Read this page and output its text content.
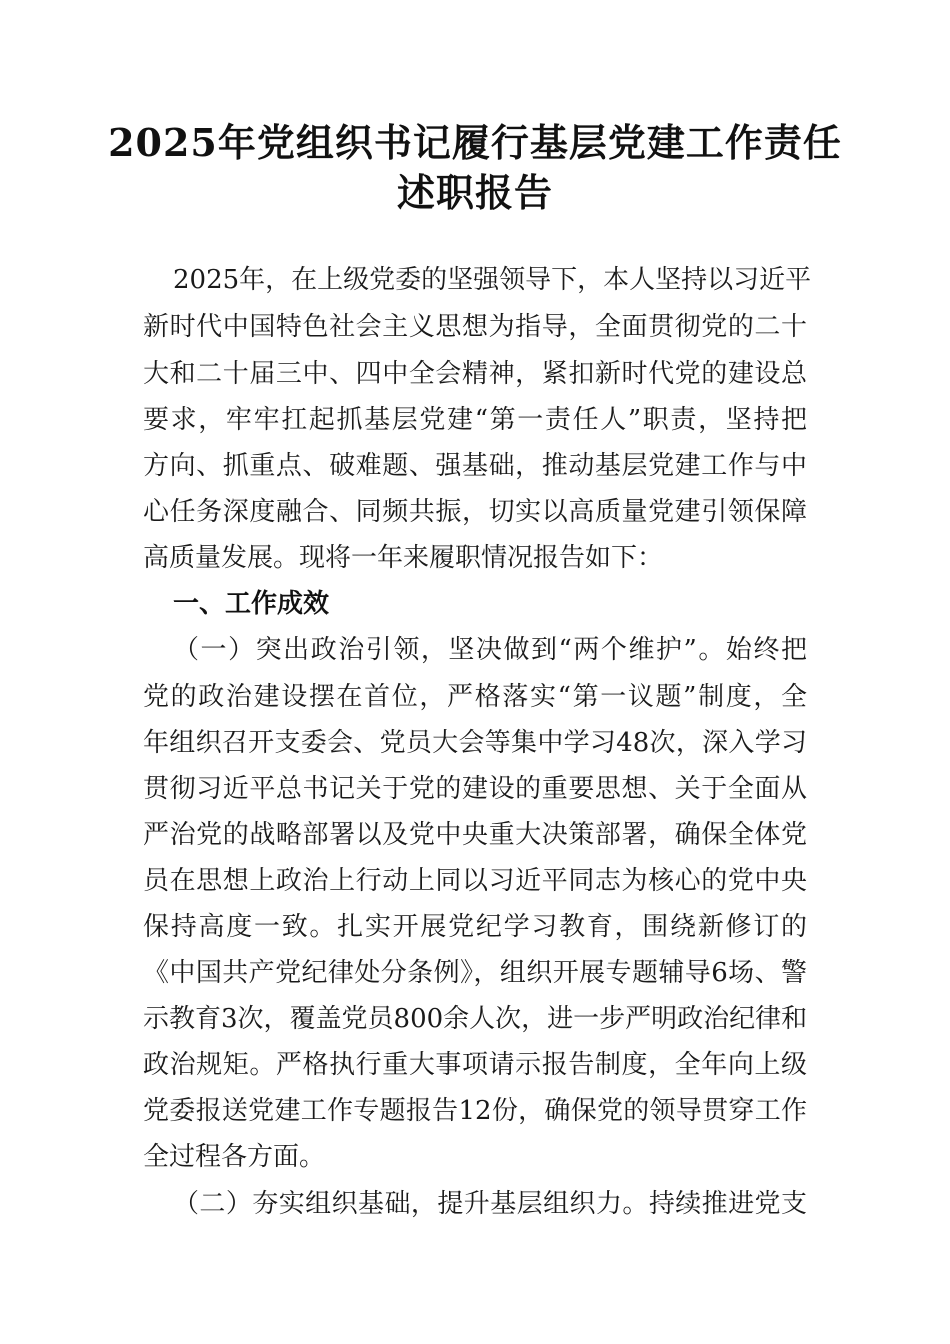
2025年党组织书记履行基层党建工作责任
述职报告
2025年，在上级党委的坚强领导下，本人坚持以习近平
新时代中国特色社会主义思想为指导，全面贯彻党的二十
大和二十届三中、四中全会精神，紧扣新时代党的建设总
要求，牢牢扛起抓基层党建“第一责任人”职责，坚持把
方向、抓重点、破难题、强基础，推动基层党建工作与中
心任务深度融合、同频共振，切实以高质量党建引领保障
高质量发展。现将一年来履职情况报告如下：
一、工作成效
（一）突出政治引领，坚决做到“两个维护”。始终把
党的政治建设摆在首位，严格落实“第一议题”制度，全
年组织召开支委会、党员大会等集中学习48次，深入学习
贯彻习近平总书记关于党的建设的重要思想、关于全面从
严治党的战略部署以及党中央重大决策部署，确保全体党
员在思想上政治上行动上同以习近平同志为核心的党中央
保持高度一致。扎实开展党纪学习教育，围绕新修订的
《中国共产党纪律处分条例》，组织开展专题辅导6场、警
示教育3次，覆盖党员800余人次，进一步严明政治纪律和
政治规矩。严格执行重大事项请示报告制度，全年向上级
党委报送党建工作专题报告12份，确保党的领导贯穿工作
全过程各方面。
（二）夯实组织基础，提升基层组织力。持续推进党支
